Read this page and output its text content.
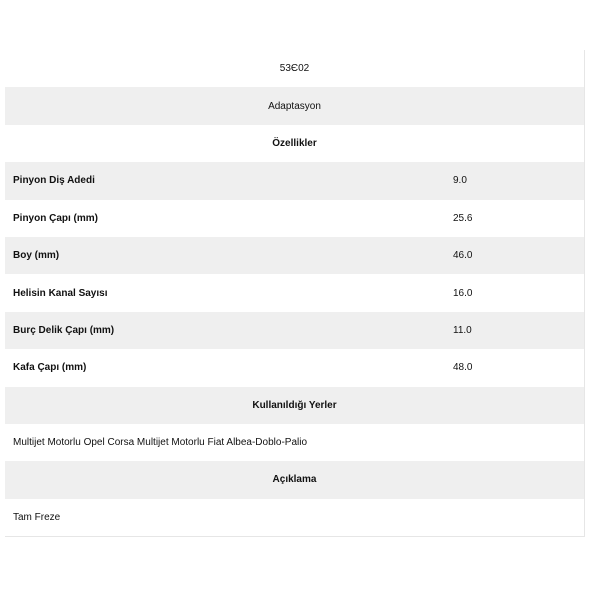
53Є02
Adaptasyon
Özellikler
Pinyon Diş Adedi	9.0
Pinyon Çapı (mm)	25.6
Boy (mm)	46.0
Helisin Kanal Sayısı	16.0
Burç Delik Çapı (mm)	11.0
Kafa Çapı (mm)	48.0
Kullanıldığı Yerler
Multijet Motorlu Opel Corsa Multijet Motorlu Fiat Albea-Doblo-Palio
Açıklama
Tam Freze
